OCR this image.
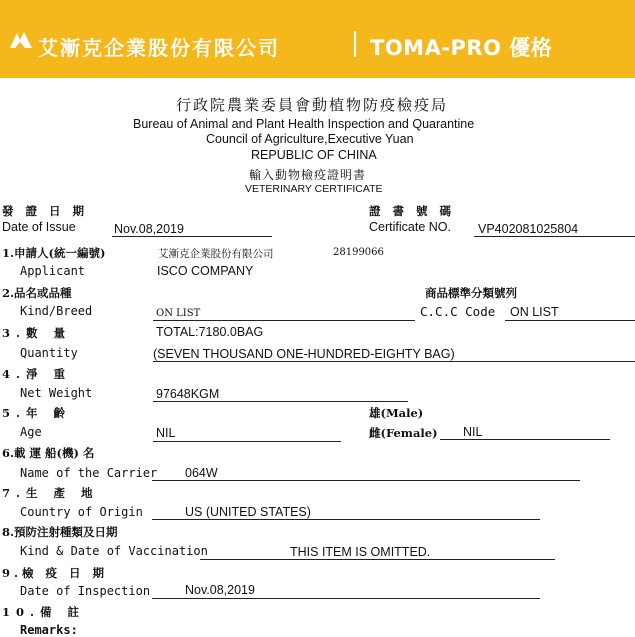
艾漸克企業股份有限公司	TOMA-PRO 優格
行政院農業委員會動植物防疫檢疫局
Bureau of Animal and Plant Health Inspection and Quarantine
Council of Agriculture,Executive Yuan
REPUBLIC OF CHINA
輸入動物檢疫證明書
VETERINARY CERTIFICATE
發 證 日 期
Date of Issue	Nov.08,2019
證 書 號 碼
Certificate NO. VP402081025804
1.申請人(統一編號)
Applicant
艾漸克企業股份有限公司	28199066
ISCO COMPANY
2.品名或品種
Kind/Breed	ON LIST
商品標準分類號列
C.C.C Code ON LIST
3.數 量
Quantity
TOTAL:7180.0BAG
(SEVEN THOUSAND ONE-HUNDRED-EIGHTY BAG)
4.淨 重
Net Weight	97648KGM
5.年 齡
Age	NIL
雄(Male)
雌(Female) NIL
6.載 運 船(機) 名
Name of the Carrier 064W
7.生 產 地
Country of Origin	US (UNITED STATES)
8.預防注射種類及日期
Kind & Date of Vaccination	THIS ITEM IS OMITTED.
9.檢 疫 日 期
Date of Inspection	Nov.08,2019
10.備 註
Remarks:
